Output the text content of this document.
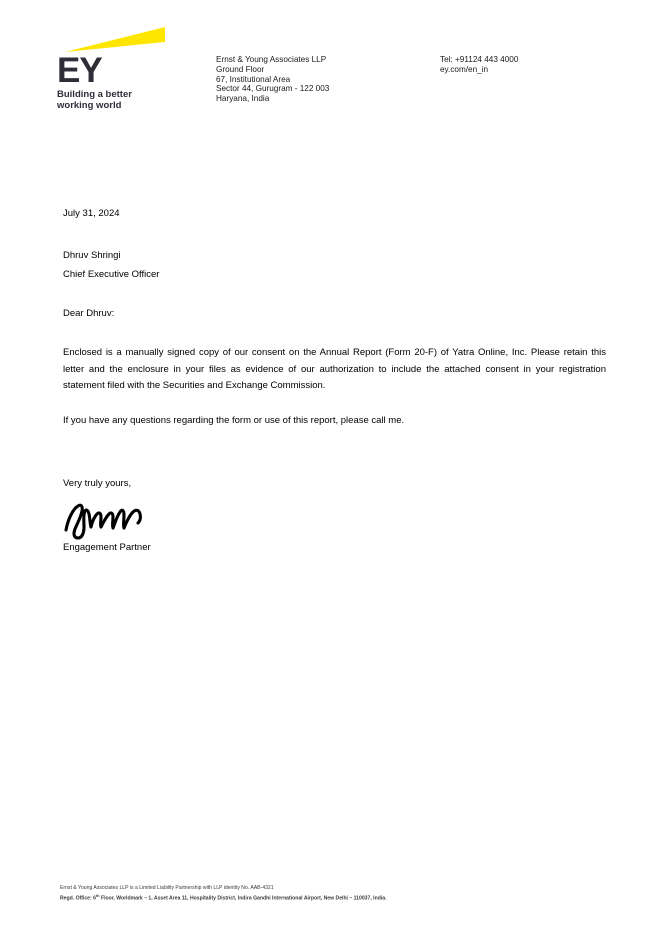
EY
Building a better
working world
Ernst & Young Associates LLP
Ground Floor
67, Institutional Area
Sector 44, Gurugram - 122 003
Haryana, India
Tel: +91124 443 4000
ey.com/en_in
July 31, 2024
Dhruv Shringi
Chief Executive Officer
Dear Dhruv:
Enclosed is a manually signed copy of our consent on the Annual Report (Form 20-F) of Yatra Online, Inc. Please retain this letter and the enclosure in your files as evidence of our authorization to include the attached consent in your registration statement filed with the Securities and Exchange Commission.
If you have any questions regarding the form or use of this report, please call me.
Very truly yours,
Engagement Partner
Ernst & Young Associates LLP is a Limited Liability Partnership with LLP identity No. AAB-4321
Regd. Office: 6th Floor, Worldmark – 1, Asset Area 11, Hospitality District, Indira Gandhi International Airport, New Delhi – 110037, India.
